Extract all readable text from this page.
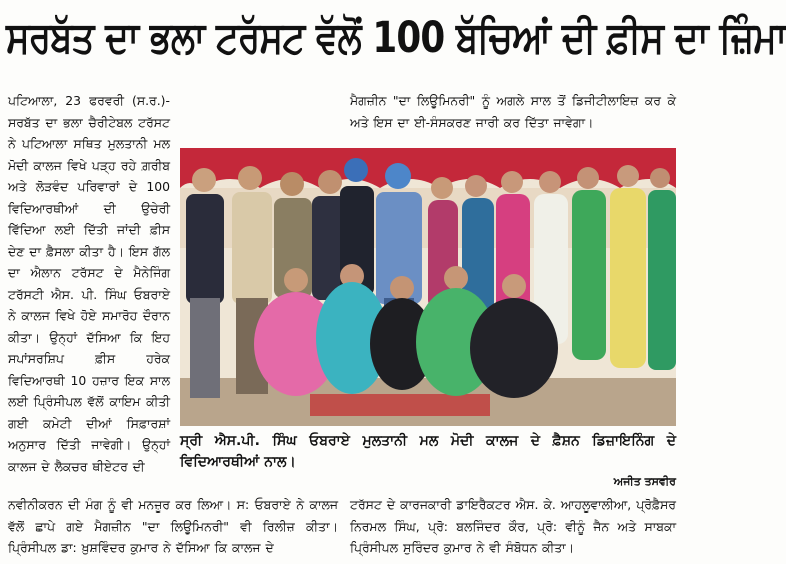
ਸਰਬੱਤ ਦਾ ਭਲਾ ਟਰੱਸਟ ਵੱਲੋਂ 100 ਬੱਚਿਆਂ ਦੀ ਫ਼ੀਸ ਦਾ ਜ਼ਿੰਮਾ
ਪਟਿਆਲਾ, 23 ਫਰਵਰੀ (ਸ.ਰ.)-ਸਰਬੱਤ ਦਾ ਭਲਾ ਚੈਰੀਟੇਬਲ ਟਰੱਸਟ ਨੇ ਪਟਿਆਲਾ ਸਥਿਤ ਮੁਲਤਾਨੀ ਮਲ ਮੋਦੀ ਕਾਲਜ ਵਿਖੇ ਪੜ੍ਹ ਰਹੇ ਗ਼ਰੀਬ ਅਤੇ ਲੋੜਵੰਦ ਪਰਿਵਾਰਾਂ ਦੇ 100 ਵਿਦਿਆਰਥੀਆਂ ਦੀ ਉਚੇਰੀ ਵਿੱਦਿਆ ਲਈ ਦਿੱਤੀ ਜਾਂਦੀ ਫ਼ੀਸ ਦੇਣ ਦਾ ਫ਼ੈਸਲਾ ਕੀਤਾ ਹੈ। ਇਸ ਗੱਲ ਦਾ ਐਲਾਨ ਟਰੱਸਟ ਦੇ ਮੈਨੇਜਿੰਗ ਟਰੱਸਟੀ ਐਸ. ਪੀ. ਸਿੰਘ ਓਬਰਾਏ ਨੇ ਕਾਲਜ ਵਿਖੇ ਹੋਏ ਸਮਾਰੋਹ ਦੌਰਾਨ ਕੀਤਾ। ਉਨ੍ਹਾਂ ਦੱਸਿਆ ਕਿ ਇਹ ਸਪਾਂਸਰਸ਼ਿਪ ਫ਼ੀਸ ਹਰੇਕ ਵਿਦਿਆਰਥੀ 10 ਹਜ਼ਾਰ ਇਕ ਸਾਲ ਲਈ ਪ੍ਰਿੰਸੀਪਲ ਵੱਲੋਂ ਕਾਇਮ ਕੀਤੀ ਗਈ ਕਮੇਟੀ ਦੀਆਂ ਸਿਫ਼ਾਰਸ਼ਾਂ ਅਨੁਸਾਰ ਦਿੱਤੀ ਜਾਵੇਗੀ। ਉਨ੍ਹਾਂ ਕਾਲਜ ਦੇ ਲੈਕਚਰ ਥੀਏਟਰ ਦੀ
ਮੈਗਜ਼ੀਨ "ਦਾ ਲਿਊਮਿਨਰੀ" ਨੂੰ ਅਗਲੇ ਸਾਲ ਤੋਂ ਡਿਜੀਟੀਲਾਇਜ਼ ਕਰ ਕੇ ਅਤੇ ਇਸ ਦਾ ਈ-ਸੰਸਕਰਣ ਜਾਰੀ ਕਰ ਦਿੱਤਾ ਜਾਵੇਗਾ।
ਸ੍ਰੀ ਐਸ.ਪੀ. ਸਿੰਘ ਓਬਰਾਏ ਮੁਲਤਾਨੀ ਮਲ ਮੋਦੀ ਕਾਲਜ ਦੇ ਫ਼ੈਸ਼ਨ ਡਿਜ਼ਾਇਨਿੰਗ ਦੇ ਵਿਦਿਆਰਥੀਆਂ ਨਾਲ।
ਅਜੀਤ ਤਸਵੀਰ
ਨਵੀਨੀਕਰਨ ਦੀ ਮੰਗ ਨੂੰ ਵੀ ਮਨਜ਼ੂਰ ਕਰ ਲਿਆ। ਸ: ਓਬਰਾਏ ਨੇ ਕਾਲਜ ਵੱਲੋਂ ਛਾਪੇ ਗਏ ਮੈਗਜ਼ੀਨ "ਦਾ ਲਿਊਮਿਨਰੀ" ਵੀ ਰਿਲੀਜ਼ ਕੀਤਾ। ਪ੍ਰਿੰਸੀਪਲ ਡਾ: ਖ਼ੁਸ਼ਵਿੰਦਰ ਕੁਮਾਰ ਨੇ ਦੱਸਿਆ ਕਿ ਕਾਲਜ ਦੇ
ਟਰੱਸਟ ਦੇ ਕਾਰਜਕਾਰੀ ਡਾਇਰੈਕਟਰ ਐਸ. ਕੇ. ਆਹਲੂਵਾਲੀਆ, ਪ੍ਰੋਫ਼ੈਸਰ ਨਿਰਮਲ ਸਿੰਘ, ਪ੍ਰੋ: ਬਲਜਿੰਦਰ ਕੌਰ, ਪ੍ਰੋ: ਵੀਨੂੰ ਜੈਨ ਅਤੇ ਸਾਬਕਾ ਪ੍ਰਿੰਸੀਪਲ ਸੁਰਿੰਦਰ ਕੁਮਾਰ ਨੇ ਵੀ ਸੰਬੋਧਨ ਕੀਤਾ।
